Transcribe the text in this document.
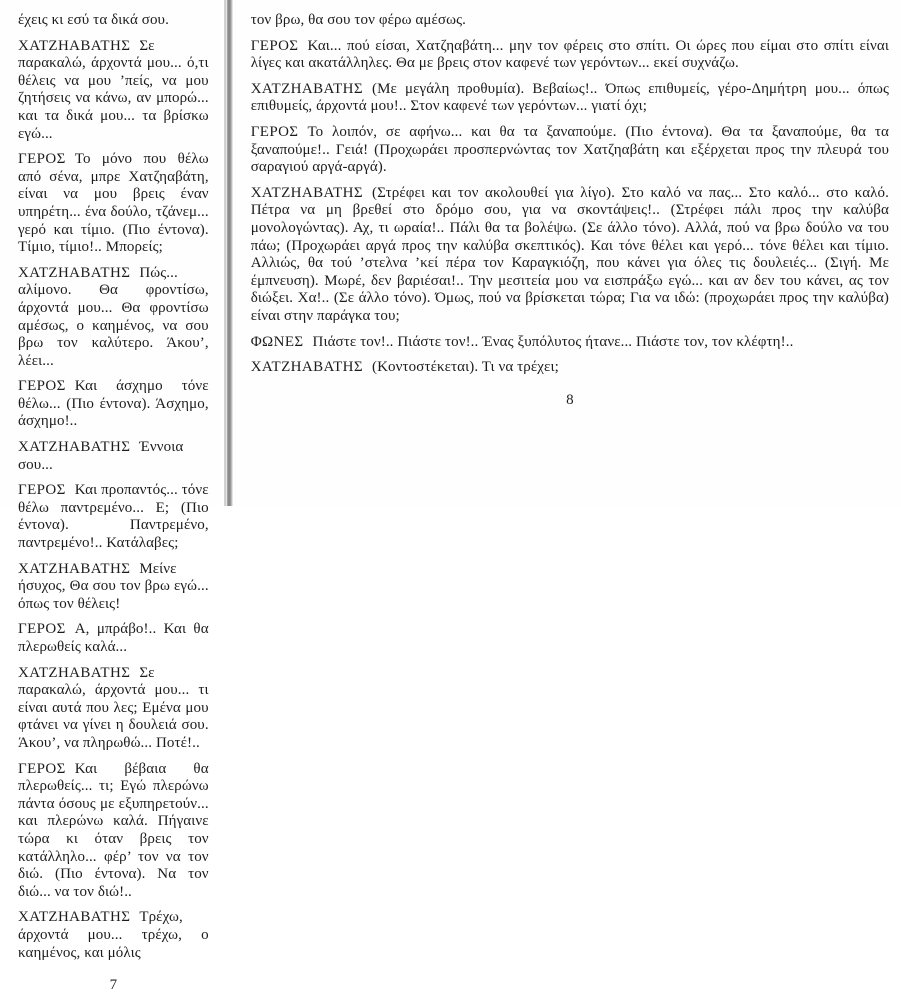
έχεις κι εσύ τα δικά σου.

ΧΑΤΖΗΑΒΑΤΗΣ Σε παρακαλώ, άρχοντά μου... ό,τι θέλεις να μου ’πείς, να μου ζητήσεις να κάνω, αν μπορώ... και τα δικά μου... τα βρίσκω εγώ...

ΓΕΡΟΣ Το μόνο που θέλω από σένα, μπρε Χατζηαβάτη, είναι να μου βρεις έναν υπηρέτη... ένα δούλο, τζάνεμ... γερό και τίμιο. (Πιο έντονα). Τίμιο, τίμιο!.. Μπορείς;

ΧΑΤΖΗΑΒΑΤΗΣ Πώς... αλίμονο. Θα φροντίσω, άρχοντά μου... Θα φροντίσω αμέσως, ο καημένος, να σου βρω τον καλύτερο. Άκου’, λέει...

ΓΕΡΟΣ Και άσχημο τόνε θέλω... (Πιο έντονα). Άσχημο, άσχημο!..

ΧΑΤΖΗΑΒΑΤΗΣ Έννοια σου...

ΓΕΡΟΣ Και προπαντός... τόνε θέλω παντρεμένο... Ε; (Πιο έντονα). Παντρεμένο, παντρεμένο!.. Κατάλαβες;

ΧΑΤΖΗΑΒΑΤΗΣ Μείνε ήσυχος, Θα σου τον βρω εγώ... όπως τον θέλεις!

ΓΕΡΟΣ Α, μπράβο!.. Και θα πλερωθείς καλά...

ΧΑΤΖΗΑΒΑΤΗΣ Σε παρακαλώ, άρχοντά μου... τι είναι αυτά που λες; Εμένα μου φτάνει να γίνει η δουλειά σου. Άκου’, να πληρωθώ... Ποτέ!..

ΓΕΡΟΣ Και βέβαια θα πλερωθείς... τι; Εγώ πλερώνω πάντα όσους με εξυπηρετούν... και πλερώνω καλά. Πήγαινε τώρα κι όταν βρεις τον κατάλληλο... φέρ’ τον να τον διώ. (Πιο έντονα). Να τον διώ... να τον διώ!..

ΧΑΤΖΗΑΒΑΤΗΣ Τρέχω, άρχοντά μου... τρέχω, ο καημένος, και μόλις

7

τον βρω, θα σου τον φέρω αμέσως.

ΓΕΡΟΣ Και... πού είσαι, Χατζηαβάτη... μην τον φέρεις στο σπίτι. Οι ώρες που είμαι στο σπίτι είναι λίγες και ακατάλληλες. Θα με βρεις στον καφενέ των γερόντων... εκεί συχνάζω.

ΧΑΤΖΗΑΒΑΤΗΣ (Με μεγάλη προθυμία). Βεβαίως!.. Όπως επιθυμείς, γέρο-Δημήτρη μου... όπως επιθυμείς, άρχοντά μου!.. Στον καφενέ των γερόντων... γιατί όχι;

ΓΕΡΟΣ Το λοιπόν, σε αφήνω... και θα τα ξαναπούμε. (Πιο έντονα). Θα τα ξαναπούμε, θα τα ξαναπούμε!.. Γειά! (Προχωράει προσπερνώντας τον Χατζηαβάτη και εξέρχεται προς την πλευρά του σαραγιού αργά-αργά).

ΧΑΤΖΗΑΒΑΤΗΣ (Στρέφει και τον ακολουθεί για λίγο). Στο καλό να πας... Στο καλό... στο καλό. Πέτρα να μη βρεθεί στο δρόμο σου, για να σκοντάψεις!.. (Στρέφει πάλι προς την καλύβα μονολογώντας). Αχ, τι ωραία!.. Πάλι θα τα βολέψω. (Σε άλλο τόνο). Αλλά, πού να βρω δούλο να του πάω; (Προχωράει αργά προς την καλύβα σκεπτικός). Και τόνε θέλει και γερό... τόνε θέλει και τίμιο. Αλλιώς, θα τού ’στελνα ’κεί πέρα τον Καραγκιόζη, που κάνει για όλες τις δουλειές... (Σιγή. Με έμπνευση). Μωρέ, δεν βαριέσαι!.. Την μεσιτεία μου να εισπράξω εγώ... και αν δεν του κάνει, ας τον διώξει. Χα!.. (Σε άλλο τόνο). Όμως, πού να βρίσκεται τώρα; Για να ιδώ: (προχωράει προς την καλύβα) είναι στην παράγκα του;

ΦΩΝΕΣ Πιάστε τον!.. Πιάστε τον!.. Ένας ξυπόλυτος ήτανε... Πιάστε τον, τον κλέφτη!..

ΧΑΤΖΗΑΒΑΤΗΣ (Κοντοστέκεται). Τι να τρέχει;

8
